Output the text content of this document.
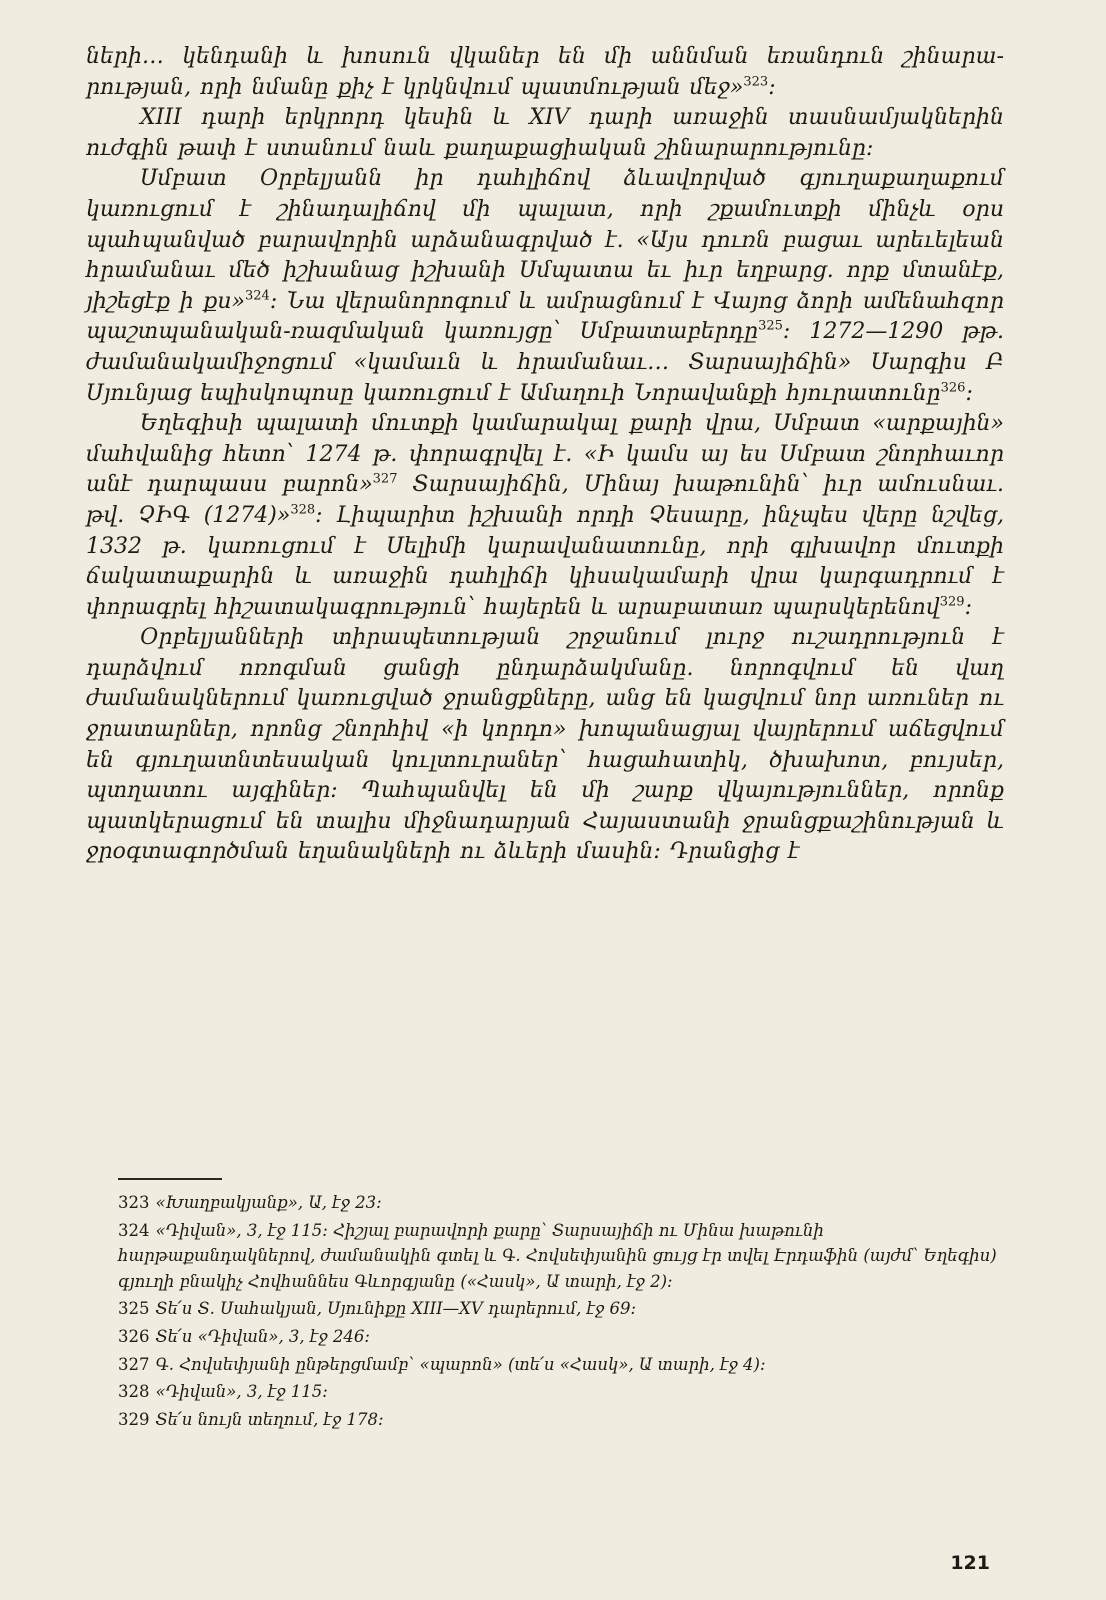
ների… կենդանի և խոսուն վկաներ են մի աննման եռանդուն շինարա-րության, որի նմանը քիչ է կրկնվում պատմության մեջ»$^{323}$։

XIII դարի երկրորդ կեսին և XIV դարի առաջին տասնամյակներին ուժգին թափ է ստանում նաև քաղաքացիական շինարարությունը։

Սմբատ Օրբելյանն իր դահլիճով ձևավորված գյուղաքաղաքում կառուցում է շինադալիճով մի պալատ, որի շքամուտքի մինչև օրս պահպանված բարավորին արձանագրված է. «Այս դուռն բացաւ արեւելեան հրամանաւ մեծ իշխանաց իշխանի Սմպատա եւ իւր եղբարց. որք մտանէք, յիշեցէք ի քս»$^{324}$։ Նա վերանորոգում և ամրացնում է Վայոց ձորի ամենահզոր պաշտպանական-ռազմական կառույցը՝ Սմբատաբերդը$^{325}$։ 1272—1290 թթ. ժամանակամիջոցում «կամաւն և հրամանաւ… Տարսայիճին» Սարգիս Բ Սյունյաց եպիսկոպոսը կառուցում է Ամաղուի Նորավանքի հյուրատունը$^{326}$։

Եղեգիսի պալատի մուտքի կամարակալ քարի վրա, Սմբատ «արքային» մահվանից հետո՝ 1274 թ. փորագրվել է. «Ի կամս այ ես Սմբատ շնորհաւոր անէ դարպասս բարոն»$^{327}$ Տարսայիճին, Մինայ խաթունին՝ իւր ամուսնաւ. թվ. ՉԻԳ (1274)»$^{328}$։ Լիպարիտ իշխանի որդի Չեսարը, ինչպես վերը նշվեց, 1332 թ. կառուցում է Սելիմի կարավանատունը, որի գլխավոր մուտքի ճակատաքարին և առաջին դահլիճի կիսակամարի վրա կարգադրում է փորագրել հիշատակագրություն՝ հայերեն և արաբատառ պարսկերենով$^{329}$։

Օրբելյանների տիրապետության շրջանում լուրջ ուշադրություն է դարձվում ոռոգման ցանցի ընդարձակմանը. նորոգվում են վաղ ժամանակներում կառուցված ջրանցքները, անց են կացվում նոր առուներ ու ջրատարներ, որոնց շնորհիվ «ի կորդո» խոպանացյալ վայրերում աճեցվում են գյուղատնտեսական կուլտուրաներ՝ հացահատիկ, ծխախոտ, բույսեր, պտղատու այգիներ։ Պահպանվել են մի շարք վկայություններ, որոնք պատկերացում են տալիս միջնադարյան Հայաստանի ջրանցքաշինության և ջրօգտագործման եղանակների ու ձևերի մասին։ Դրանցից է

323 «Խաղբակյանք», Ա, էջ 23։
324 «Դիվան», 3, էջ 115։ Հիշյալ բարավորի քարը՝ Տարսայիճի ու Մինա խաթունի հարթաքանդակներով, ժամանակին գտել և Գ. Հովսեփյանին ցույց էր տվել Էրդաֆին (այժմ՝ Եղեգիս) գյուղի բնակիչ Հովհաննես Գևորգյանը («Հասկ», Ա տարի, էջ 2)։
325 Տե՛ս Տ. Սահակյան, Սյունիքը XIII—XV դարերում, էջ 69։
326 Տե՛ս «Դիվան», 3, էջ 246։
327 Գ. Հովսեփյանի ընթերցմամբ՝ «պարոն» (տե՛ս «Հասկ», Ա տարի, էջ 4)։
328 «Դիվան», 3, էջ 115։
329 Տե՛ս նույն տեղում, էջ 178։
121
